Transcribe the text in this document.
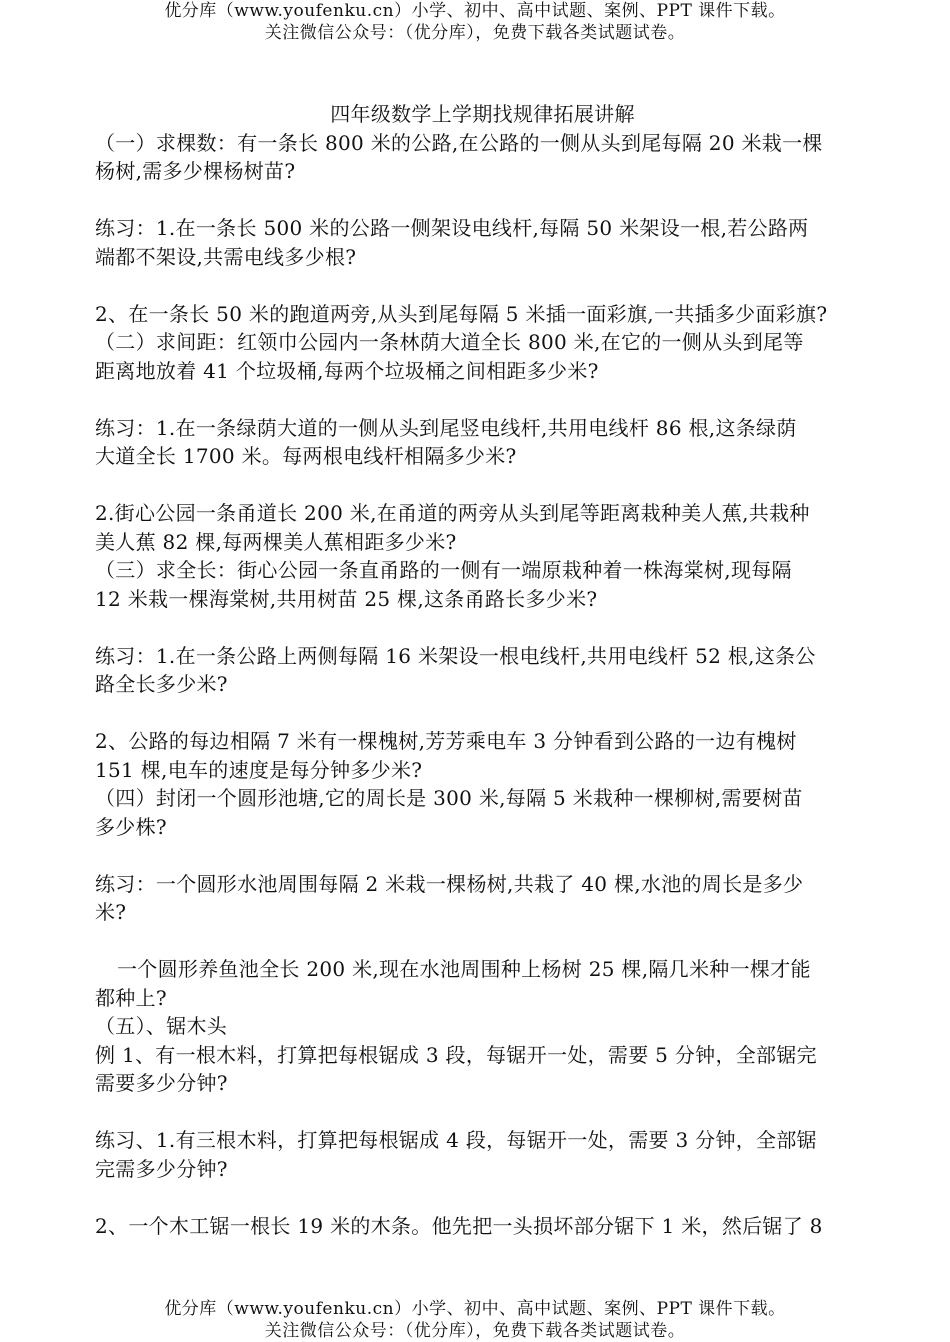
优分库（www.youfenku.cn）小学、初中、高中试题、案例、PPT 课件下载。
关注微信公众号：（优分库），免费下载各类试题试卷。

四年级数学上学期找规律拓展讲解

（一）求棵数：有一条长 800 米的公路,在公路的一侧从头到尾每隔 20 米栽一棵

杨树,需多少棵杨树苗?

练习：1.在一条长 500 米的公路一侧架设电线杆,每隔 50 米架设一根,若公路两

端都不架设,共需电线多少根?

2、在一条长 50 米的跑道两旁,从头到尾每隔 5 米插一面彩旗,一共插多少面彩旗?

（二）求间距：红领巾公园内一条林荫大道全长 800 米,在它的一侧从头到尾等

距离地放着 41 个垃圾桶,每两个垃圾桶之间相距多少米?

练习：1.在一条绿荫大道的一侧从头到尾竖电线杆,共用电线杆 86 根,这条绿荫

大道全长 1700 米。每两根电线杆相隔多少米?

2.街心公园一条甬道长 200 米,在甬道的两旁从头到尾等距离栽种美人蕉,共栽种

美人蕉 82 棵,每两棵美人蕉相距多少米?

（三）求全长：街心公园一条直甬路的一侧有一端原栽种着一株海棠树,现每隔

12 米栽一棵海棠树,共用树苗 25 棵,这条甬路长多少米?

练习：1.在一条公路上两侧每隔 16 米架设一根电线杆,共用电线杆 52 根,这条公

路全长多少米?

2、公路的每边相隔 7 米有一棵槐树,芳芳乘电车 3 分钟看到公路的一边有槐树

151 棵,电车的速度是每分钟多少米?

（四）封闭一个圆形池塘,它的周长是 300 米,每隔 5 米栽种一棵柳树,需要树苗

多少株?

练习：一个圆形水池周围每隔 2 米栽一棵杨树,共栽了 40 棵,水池的周长是多少

米?

一个圆形养鱼池全长 200 米,现在水池周围种上杨树 25 棵,隔几米种一棵才能

都种上?

（五）、锯木头

例 1、有一根木料，打算把每根锯成 3 段，每锯开一处，需要 5 分钟，全部锯完

需要多少分钟?

练习、1.有三根木料，打算把每根锯成 4 段，每锯开一处，需要 3 分钟，全部锯

完需多少分钟?

2、一个木工锯一根长 19 米的木条。他先把一头损坏部分锯下 1 米，然后锯了 8

优分库（www.youfenku.cn）小学、初中、高中试题、案例、PPT 课件下载。
关注微信公众号：（优分库），免费下载各类试题试卷。
